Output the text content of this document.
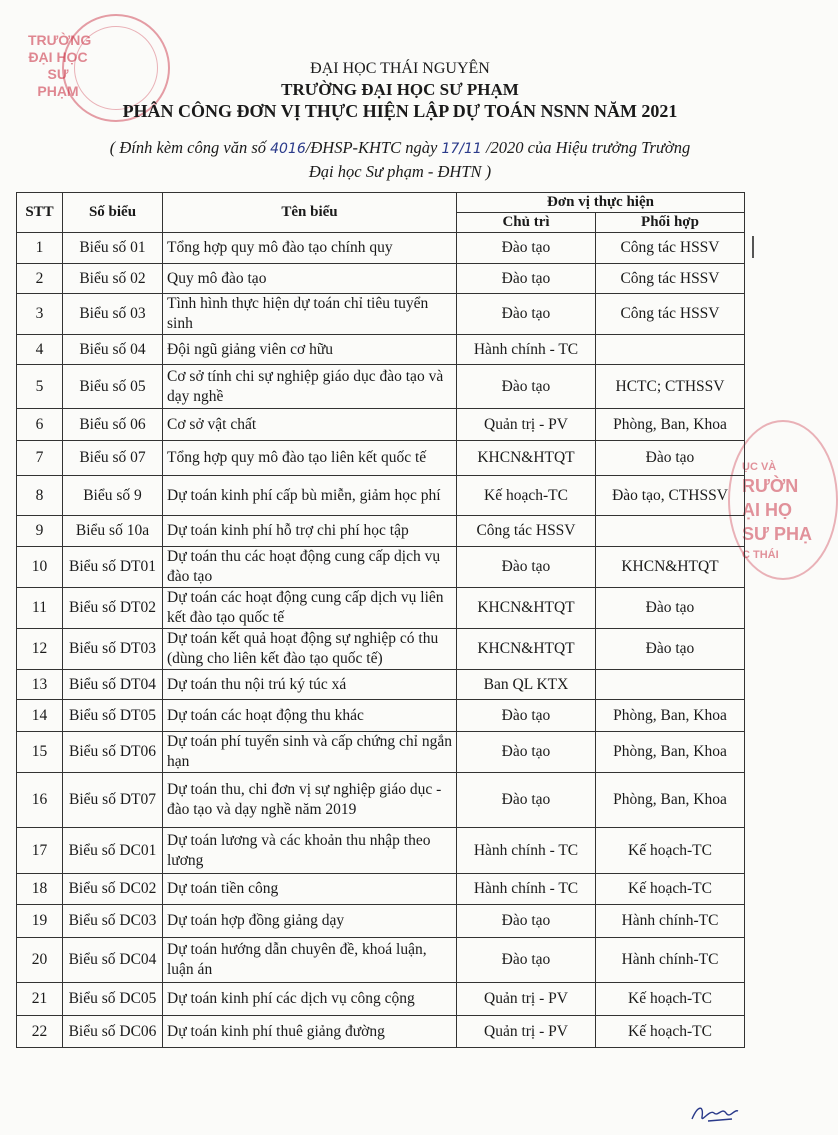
TRƯỜNG
ĐẠI HỌC
SƯ PHẠM
ỤC VÀ
RƯỜN
ẠI HỌ
SƯ PHẠ
C THÁI
ĐẠI HỌC THÁI NGUYÊN
TRƯỜNG ĐẠI HỌC SƯ PHẠM
PHÂN CÔNG ĐƠN VỊ THỰC HIỆN LẬP DỰ TOÁN NSNN NĂM 2021
( Đính kèm công văn số 4016/ĐHSP-KHTC ngày 17/11 /2020 của Hiệu trưởng Trường
Đại học Sư phạm - ĐHTN )
STT	Số biểu	Tên biểu	Đơn vị thực hiện	
			Chủ trì	Phối hợp
1	Biểu số 01	Tổng hợp quy mô đào tạo chính quy	Đào tạo	Công tác HSSV
2	Biểu số 02	Quy mô đào tạo	Đào tạo	Công tác HSSV
3	Biểu số 03	Tình hình thực hiện dự toán chỉ tiêu tuyển sinh	Đào tạo	Công tác HSSV
4	Biểu số 04	Đội ngũ giảng viên cơ hữu	Hành chính - TC	
5	Biểu số 05	Cơ sở tính chi sự nghiệp giáo dục đào tạo và dạy nghề	Đào tạo	HCTC; CTHSSV
6	Biểu số 06	Cơ sở vật chất	Quản trị - PV	Phòng, Ban, Khoa
7	Biểu số 07	Tổng hợp quy mô đào tạo liên kết quốc tế	KHCN&HTQT	Đào tạo
8	Biểu số 9	Dự toán kinh phí cấp bù miễn, giảm học phí	Kế hoạch-TC	Đào tạo, CTHSSV
9	Biểu số 10a	Dự toán kinh phí hỗ trợ chi phí học tập	Công tác HSSV	
10	Biểu số DT01	Dự toán thu các hoạt động cung cấp dịch vụ đào tạo	Đào tạo	KHCN&HTQT
11	Biểu số DT02	Dự toán các hoạt động cung cấp dịch vụ liên kết đào tạo quốc tế	KHCN&HTQT	Đào tạo
12	Biểu số DT03	Dự toán kết quả hoạt động sự nghiệp có thu (dùng cho liên kết đào tạo quốc tế)	KHCN&HTQT	Đào tạo
13	Biểu số DT04	Dự toán thu nội trú ký túc xá	Ban QL KTX	
14	Biểu số DT05	Dự toán các hoạt động thu khác	Đào tạo	Phòng, Ban, Khoa
15	Biểu số DT06	Dự toán phí tuyển sinh và cấp chứng chỉ ngắn hạn	Đào tạo	Phòng, Ban, Khoa
16	Biểu số DT07	Dự toán thu, chi đơn vị sự nghiệp giáo dục - đào tạo và dạy nghề năm 2019	Đào tạo	Phòng, Ban, Khoa
17	Biểu số DC01	Dự toán lương và các khoản thu nhập theo lương	Hành chính - TC	Kế hoạch-TC
18	Biểu số DC02	Dự toán tiền công	Hành chính - TC	Kế hoạch-TC
19	Biểu số DC03	Dự toán hợp đồng giảng dạy	Đào tạo	Hành chính-TC
20	Biểu số DC04	Dự toán hướng dẫn chuyên đề, khoá luận, luận án	Đào tạo	Hành chính-TC
21	Biểu số DC05	Dự toán kinh phí các dịch vụ công cộng	Quản trị - PV	Kế hoạch-TC
22	Biểu số DC06	Dự toán kinh phí thuê giảng đường	Quản trị - PV	Kế hoạch-TC
